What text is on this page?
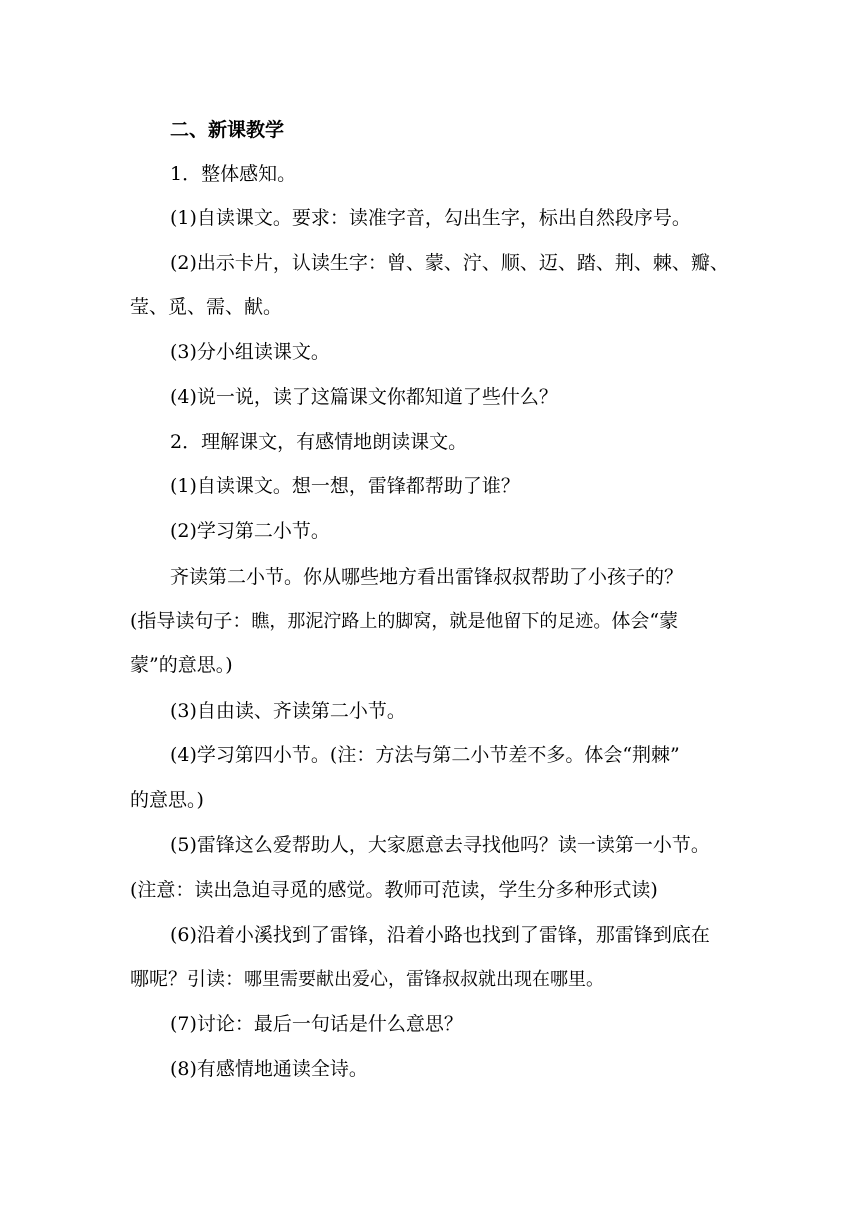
二、新课教学
1．整体感知。
(1)自读课文。要求：读准字音，勾出生字，标出自然段序号。
(2)出示卡片，认读生字：曾、蒙、泞、顺、迈、踏、荆、棘、瓣、
莹、觅、需、献。
(3)分小组读课文。
(4)说一说，读了这篇课文你都知道了些什么？
2．理解课文，有感情地朗读课文。
(1)自读课文。想一想，雷锋都帮助了谁？
(2)学习第二小节。
齐读第二小节。你从哪些地方看出雷锋叔叔帮助了小孩子的？
(指导读句子：瞧，那泥泞路上的脚窝，就是他留下的足迹。体会“蒙
蒙”的意思。)
(3)自由读、齐读第二小节。
(4)学习第四小节。(注：方法与第二小节差不多。体会“荆棘”
的意思。)
(5)雷锋这么爱帮助人，大家愿意去寻找他吗？读一读第一小节。
(注意：读出急迫寻觅的感觉。教师可范读，学生分多种形式读)
(6)沿着小溪找到了雷锋，沿着小路也找到了雷锋，那雷锋到底在
哪呢？引读：哪里需要献出爱心，雷锋叔叔就出现在哪里。
(7)讨论：最后一句话是什么意思？
(8)有感情地通读全诗。
